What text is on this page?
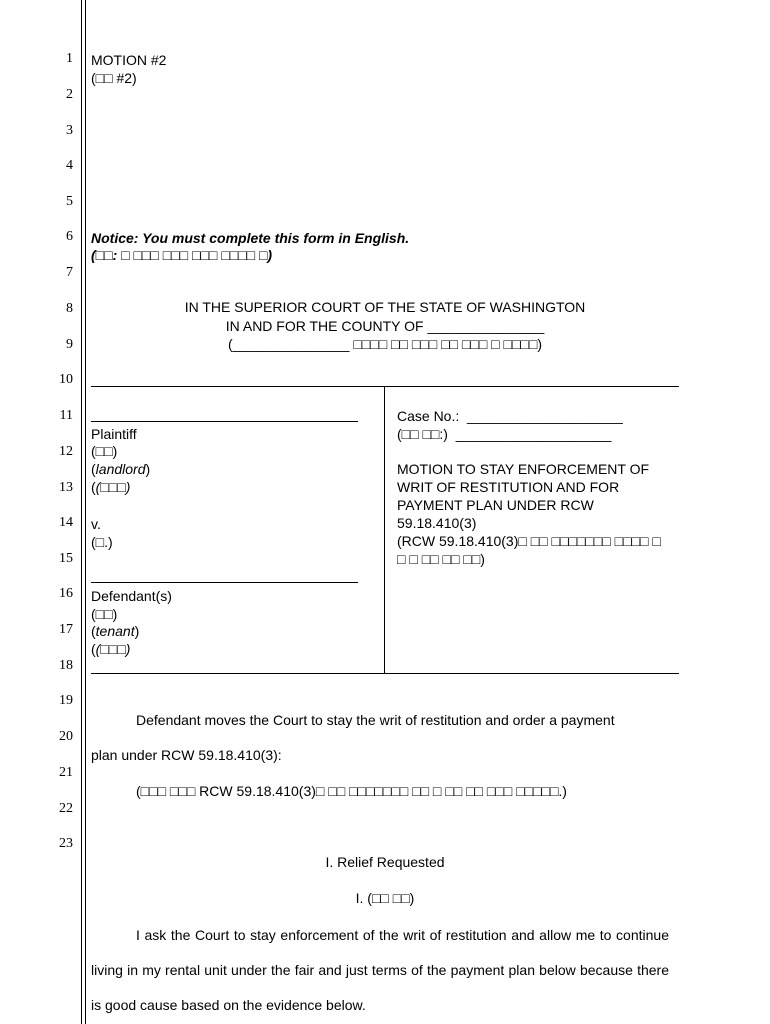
1
2
3
4
5
6
7
8
9
10
11
12
13
14
15
16
17
18
19
20
21
22
23
MOTION #2
(□□ #2)
Notice: You must complete this form in English.
(□□: □ □□□ □□□ □□□ □□□□ □)
IN THE SUPERIOR COURT OF THE STATE OF WASHINGTON
IN AND FOR THE COUNTY OF _______________
(_______________ □□□□ □□ □□□ □□ □□□ □ □□□□)
Plaintiff
(□□)
(landlord)
((□□□)
v.
(□.)
Defendant(s)
(□□)
(tenant)
((□□□)
Case No.: ____________________
(□□ □□:) ____________________
MOTION TO STAY ENFORCEMENT OF
WRIT OF RESTITUTION AND FOR
PAYMENT PLAN UNDER RCW
59.18.410(3)
(RCW 59.18.410(3)□ □□ □□□□□□□ □□□□ □
□ □ □□ □□ □□)
Defendant moves the Court to stay the writ of restitution and order a payment
plan under RCW 59.18.410(3):
(□□□ □□□ RCW 59.18.410(3)□ □□ □□□□□□□ □□ □ □□ □□ □□□ □□□□□.)
I. Relief Requested
I. (□□ □□)
I ask the Court to stay enforcement of the writ of restitution and allow me to continue living in my rental unit under the fair and just terms of the payment plan below because there is good cause based on the evidence below.
